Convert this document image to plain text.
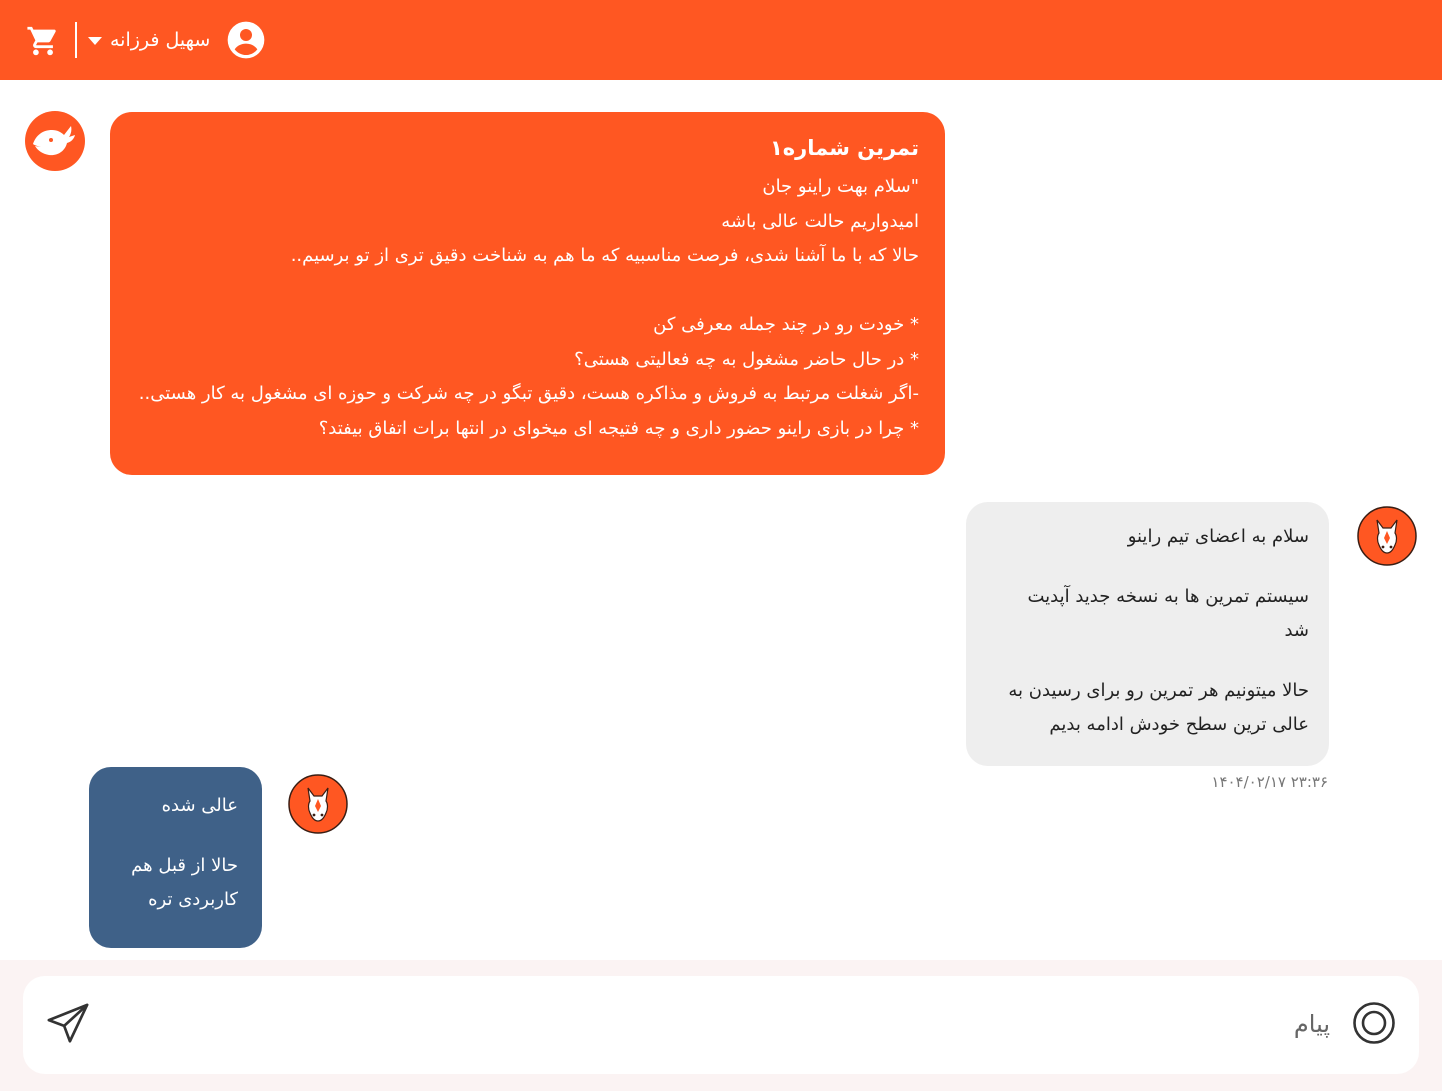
سهیل فرزانه
تمرین شماره۱
"سلام بهت راینو جان
امیدواریم حالت عالی باشه
حالا که با ما آشنا شدی، فرصت مناسبیه که ما هم به شناخت دقیق تری از تو برسیم..
* خودت رو در چند جمله معرفی کن
* در حال حاضر مشغول به چه فعالیتی هستی؟
-اگر شغلت مرتبط به فروش و مذاکره هست، دقیق تبگو در چه شرکت و حوزه ای مشغول به کار هستی..
* چرا در بازی راینو حضور داری و چه فتیجه ای میخوای در انتها برات اتفاق بیفتد؟
سلام به اعضای تیم راینو
سیستم تمرین ها به نسخه جدید آپدیت
شد
حالا میتونیم هر تمرین رو برای رسیدن به
عالی ترین سطح خودش ادامه بدیم
۱۴۰۴/۰۲/۱۷ ۲۳:۳۶
عالی شده
حالا از قبل هم
کاربردی تره
پیام
